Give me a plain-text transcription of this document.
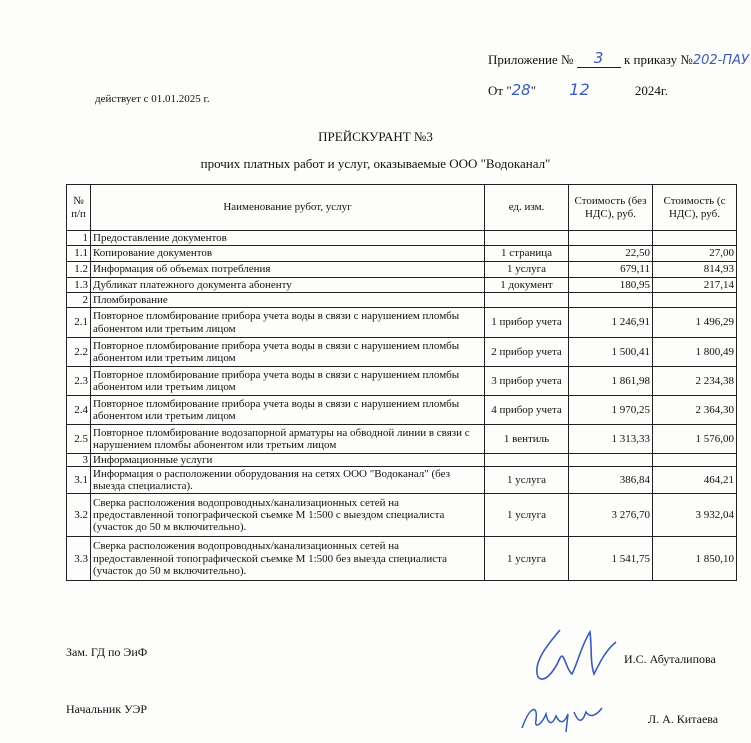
Приложение № 3 к приказу №202-ПАУ
От "28" 12	2024г.
действует с 01.01.2025 г.
ПРЕЙСКУРАНТ №3
прочих платных работ и услуг, оказываемые ООО "Водоканал"
№ п/п	Наименование рубот, услуг	ед. изм.	Стоимость (без НДС), руб.	Стоимость (с НДС), руб.
1	Предоставление документов			
1.1	Копирование документов	1 страница	22,50	27,00
1.2	Информация об объемах потребления	1 услуга	679,11	814,93
1.3	Дубликат платежного документа абоненту	1 документ	180,95	217,14
2	Пломбирование			
2.1	Повторное пломбирование прибора учета воды в связи с нарушением пломбы абонентом или третьим лицом	1 прибор учета	1 246,91	1 496,29
2.2	Повторное пломбирование прибора учета воды в связи с нарушением пломбы абонентом или третьим лицом	2 прибор учета	1 500,41	1 800,49
2.3	Повторное пломбирование прибора учета воды в связи с нарушением пломбы абонентом или третьим лицом	3 прибор учета	1 861,98	2 234,38
2.4	Повторное пломбирование прибора учета воды в связи с нарушением пломбы абонентом или третьим лицом	4 прибор учета	1 970,25	2 364,30
2.5	Повторное пломбирование водозапорной арматуры на обводной линии в связи с нарушением пломбы абонентом или третьим лицом	1 вентиль	1 313,33	1 576,00
3	Информационные услуги			
3.1	Информация о расположении оборудования на сетях ООО "Водоканал" (без выезда специалиста).	1 услуга	386,84	464,21
3.2	Сверка расположения водопроводных/канализационных сетей на предоставленной топографической съемке М 1:500 с выездом специалиста (участок до 50 м включительно).	1 услуга	3 276,70	3 932,04
3.3	Сверка расположения водопроводных/канализационных сетей на предоставленной топографической съемке М 1:500 без выезда специалиста (участок до 50 м включительно).	1 услуга	1 541,75	1 850,10
Зам. ГД по ЭиФ	И.С. Абуталипова
Начальник УЭР
Л. А. Китаева
